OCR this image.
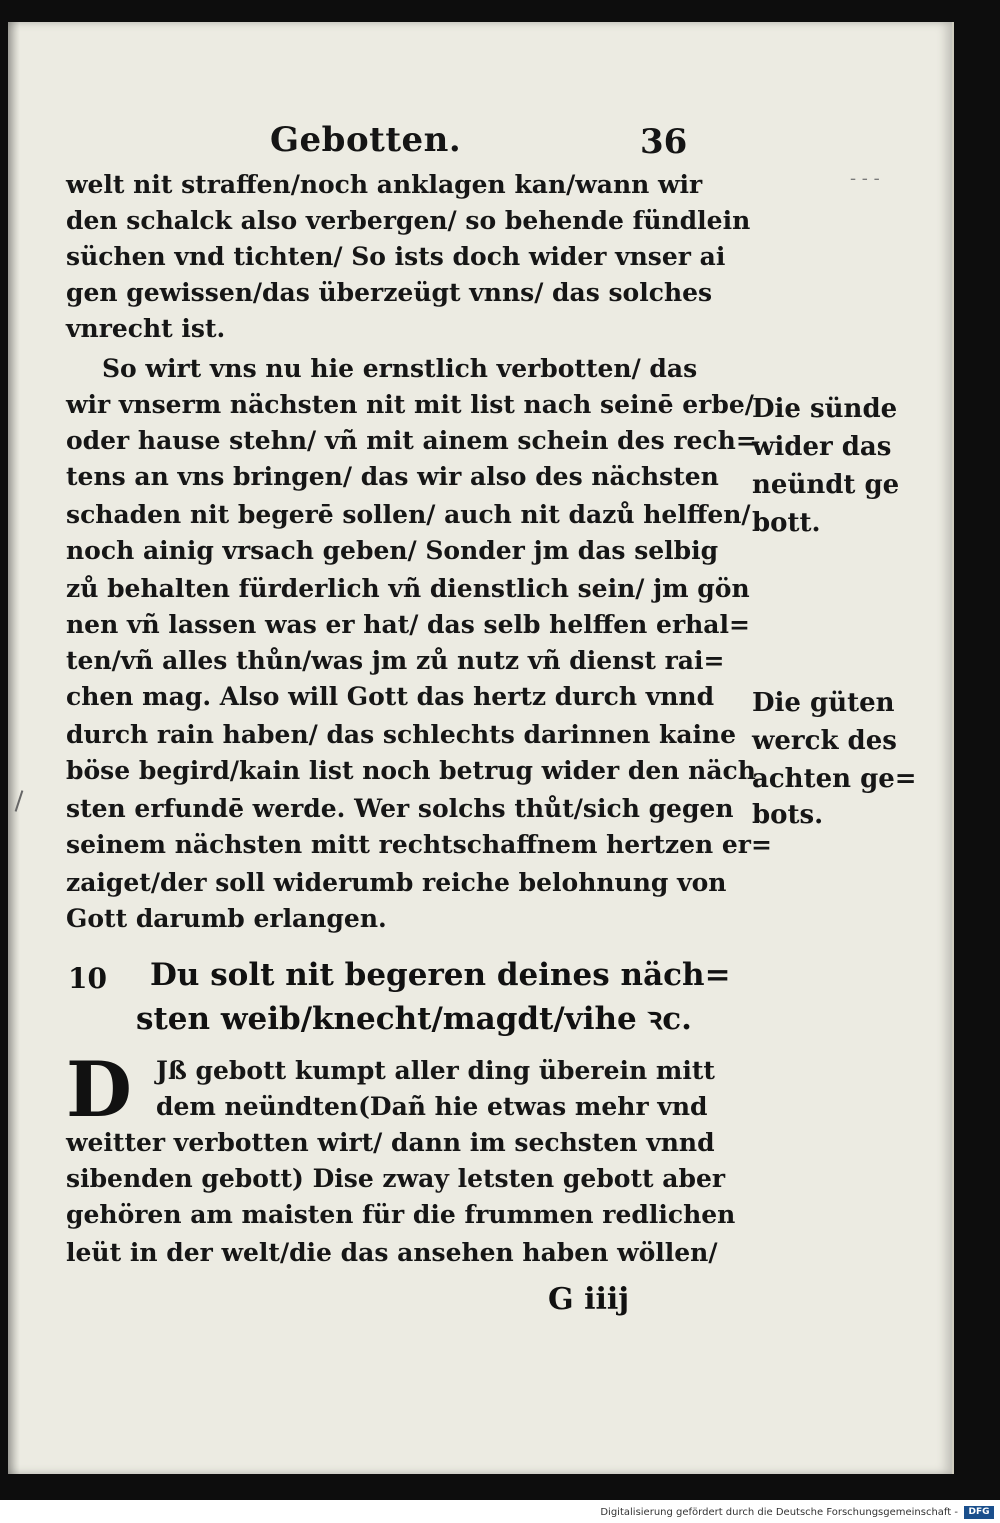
Gebotten.	36
- - -
welt nit straffen/noch anklagen kan/wann wir
den schalck also verbergen/ so behende fündlein
süchen vnd tichten/ So ists doch wider vnser ai
gen gewissen/das überzeügt vnns/ das solches
vnrecht ist.
So wirt vns nu hie ernstlich verbotten/ das
wir vnserm nächsten nit mit list nach seinē erbe/
oder hause stehn/ vñ mit ainem schein des rech=
tens an vns bringen/ das wir also des nächsten
schaden nit begerē sollen/ auch nit dazů helffen/
noch ainig vrsach geben/ Sonder jm das selbig
zů behalten fürderlich vñ dienstlich sein/ jm gön
nen vñ lassen was er hat/ das selb helffen erhal=
ten/vñ alles thůn/was jm zů nutz vñ dienst rai=
chen mag. Also will Gott das hertz durch vnnd
durch rain haben/ das schlechts darinnen kaine
böse begird/kain list noch betrug wider den näch
sten erfundē werde. Wer solchs thůt/sich gegen
seinem nächsten mitt rechtschaffnem hertzen er=
zaiget/der soll widerumb reiche belohnung von
Gott darumb erlangen.
Die sünde
wider das
neündt ge
bott.
Die güten
werck des
achten ge=
bots.
10 Du solt nit begeren deines näch=
sten weib/knecht/magdt/vihe ꝛc.
D Jß gebott kumpt aller ding überein mitt
dem neündten(Dañ hie etwas mehr vnd
weitter verbotten wirt/ dann im sechsten vnnd
sibenden gebott) Dise zway letsten gebott aber
gehören am maisten für die frummen redlichen
leüt in der welt/die das ansehen haben wöllen/
G iiij
Digitalisierung gefördert durch die Deutsche Forschungsgemeinschaft -	DFG
